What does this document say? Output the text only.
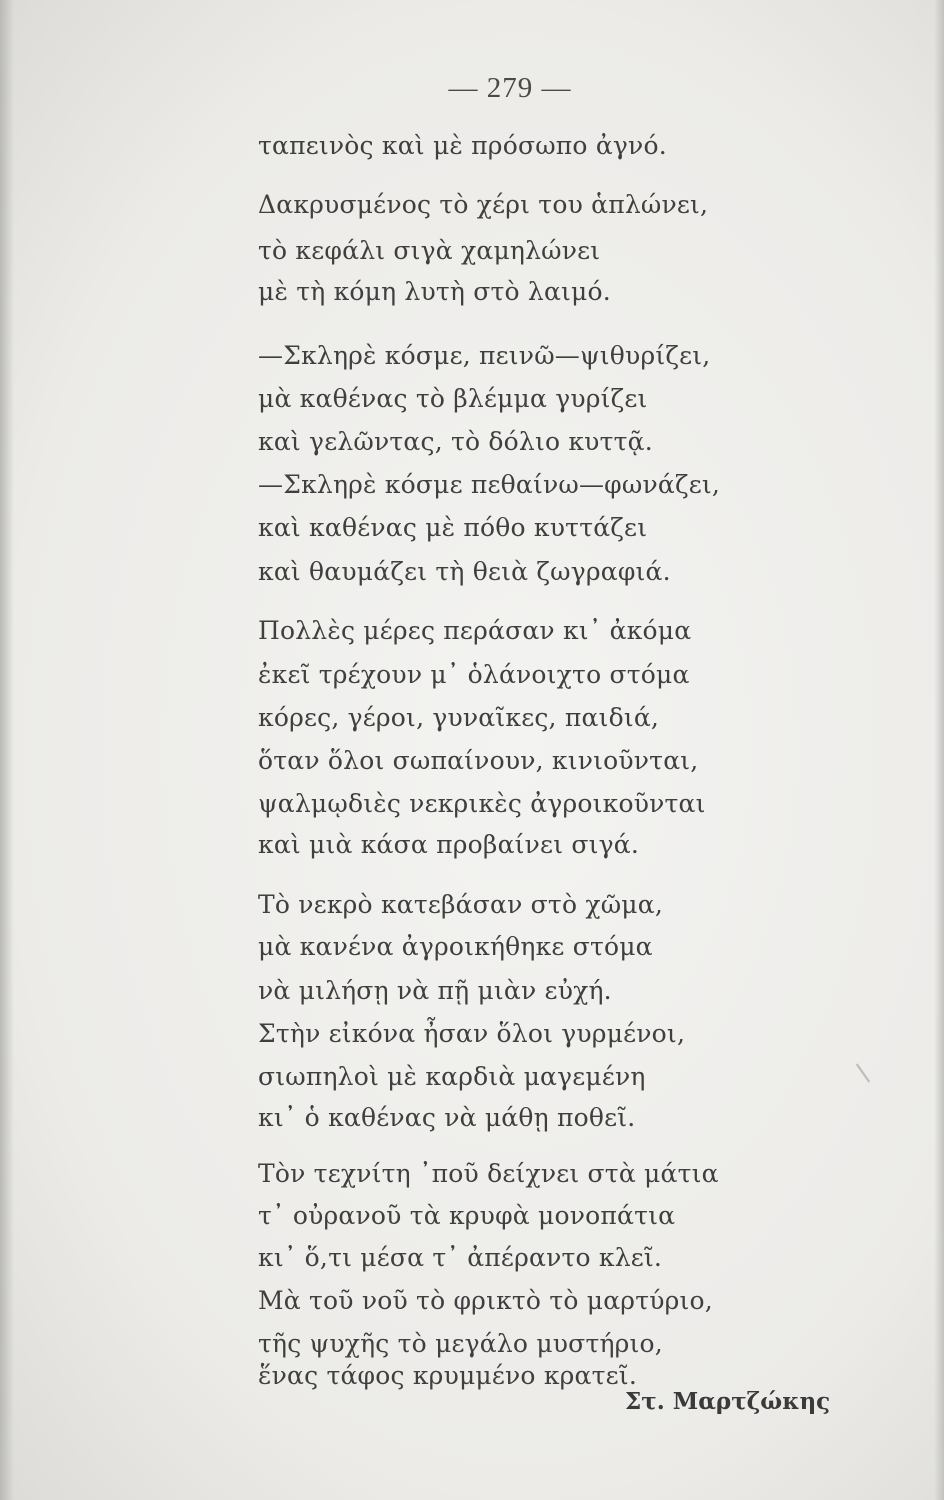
— 279 —
ταπεινὸς καὶ μὲ πρόσωπο ἀγνό.
Δακρυσμένος τὸ χέρι του ἁπλώνει,
τὸ κεφάλι σιγὰ χαμηλώνει
μὲ τὴ κόμη λυτὴ στὸ λαιμό.
—Σκληρὲ κόσμε, πεινῶ—ψιθυρίζει,
μὰ καθένας τὸ βλέμμα γυρίζει
καὶ γελῶντας, τὸ δόλιο κυττᾷ.
—Σκληρὲ κόσμε πεθαίνω—φωνάζει,
καὶ καθένας μὲ πόθο κυττάζει
καὶ θαυμάζει τὴ θειὰ ζωγραφιά.
Πολλὲς μέρες περάσαν κι᾿ ἀκόμα
ἐκεῖ τρέχουν μ᾿ ὁλάνοιχτο στόμα
κόρες, γέροι, γυναῖκες, παιδιά,
ὅταν ὅλοι σωπαίνουν, κινιοῦνται,
ψαλμῳδιὲς νεκρικὲς ἀγροικοῦνται
καὶ μιὰ κάσα προβαίνει σιγά.
Τὸ νεκρὸ κατεβάσαν στὸ χῶμα,
μὰ κανένα ἀγροικήθηκε στόμα
νὰ μιλήσῃ νὰ πῇ μιὰν εὐχή.
Στὴν εἰκόνα ἦσαν ὅλοι γυρμένοι,
σιωπηλοὶ μὲ καρδιὰ μαγεμένη
κι᾿ ὁ καθένας νὰ μάθῃ ποθεῖ.
Τὸν τεχνίτη ᾿ποῦ δείχνει στὰ μάτια
τ᾿ οὐρανοῦ τὰ κρυφὰ μονοπάτια
κι᾿ ὅ,τι μέσα τ᾿ ἀπέραντο κλεῖ.
Μὰ τοῦ νοῦ τὸ φρικτὸ τὸ μαρτύριο,
τῆς ψυχῆς τὸ μεγάλο μυστήριο,
ἕνας τάφος κρυμμένο κρατεῖ.
Στ. Μαρτζώκης
